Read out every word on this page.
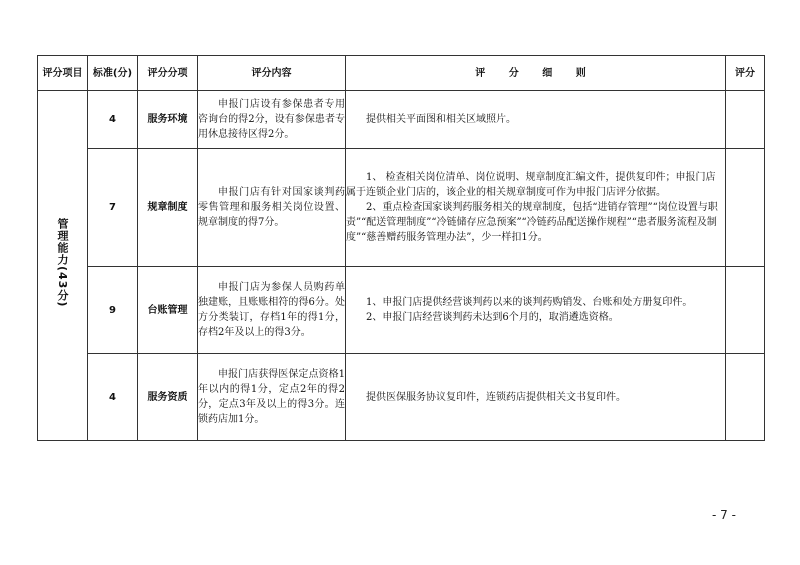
评分项目	标准(分)	评分分项	评分内容	评 分 细 则	评分
管理能力(43分)	4	服务环境	申报门店设有参保患者专用咨询台的得2分，设有参保患者专用休息接待区得2分。	提供相关平面图和相关区域照片。	

	7	规章制度	申报门店有针对国家谈判药零售管理和服务相关岗位设置、规章制度的得7分。	1、 检查相关岗位清单、岗位说明、规章制度汇编文件，提供复印件；申报门店属于连锁企业门店的，该企业的相关规章制度可作为申报门店评分依据。

2、重点检查国家谈判药服务相关的规章制度，包括“进销存管理”“岗位设置与职责”“配送管理制度”“冷链储存应急预案”“冷链药品配送操作规程”“患者服务流程及制度”“慈善赠药服务管理办法”，少一样扣1分。	

	9	台账管理	申报门店为参保人员购药单独建账，且账账相符的得6分。处方分类装订，存档1年的得1分，存档2年及以上的得3分。	1、申报门店提供经营谈判药以来的谈判药购销发、台账和处方册复印件。

2、申报门店经营谈判药未达到6个月的，取消遴选资格。	

	4	服务资质	申报门店获得医保定点资格1年以内的得1分，定点2年的得2分，定点3年及以上的得3分。连锁药店加1分。	提供医保服务协议复印件，连锁药店提供相关文书复印件。	

- 7 -
